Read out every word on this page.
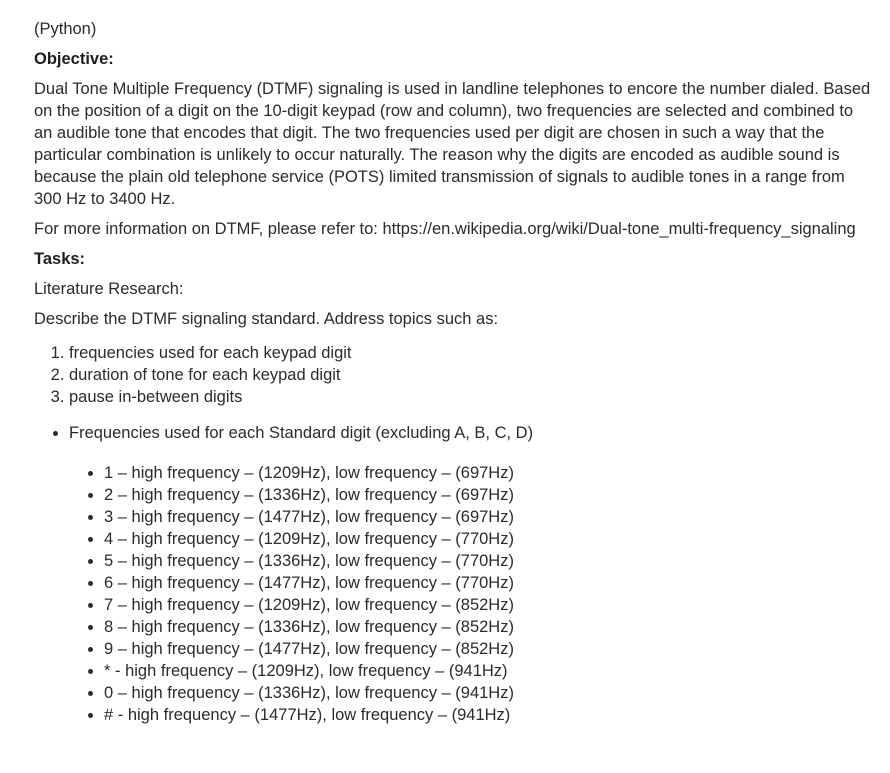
(Python)

Objective:

Dual Tone Multiple Frequency (DTMF) signaling is used in landline telephones to encore the number dialed. Based on the position of a digit on the 10-digit keypad (row and column), two frequencies are selected and combined to an audible tone that encodes that digit. The two frequencies used per digit are chosen in such a way that the particular combination is unlikely to occur naturally. The reason why the digits are encoded as audible sound is because the plain old telephone service (POTS) limited transmission of signals to audible tones in a range from 300 Hz to 3400 Hz.

For more information on DTMF, please refer to: https://en.wikipedia.org/wiki/Dual-tone_multi-frequency_signaling

Tasks:

Literature Research:

Describe the DTMF signaling standard. Address topics such as:

1. frequencies used for each keypad digit
2. duration of tone for each keypad digit
3. pause in-between digits
• Frequencies used for each Standard digit (excluding A, B, C, D)
• 1 – high frequency – (1209Hz), low frequency – (697Hz)
• 2 – high frequency – (1336Hz), low frequency – (697Hz)
• 3 – high frequency – (1477Hz), low frequency – (697Hz)
• 4 – high frequency – (1209Hz), low frequency – (770Hz)
• 5 – high frequency – (1336Hz), low frequency – (770Hz)
• 6 – high frequency – (1477Hz), low frequency – (770Hz)
• 7 – high frequency – (1209Hz), low frequency – (852Hz)
• 8 – high frequency – (1336Hz), low frequency – (852Hz)
• 9 – high frequency – (1477Hz), low frequency – (852Hz)
• * - high frequency – (1209Hz), low frequency – (941Hz)
• 0 – high frequency – (1336Hz), low frequency – (941Hz)
• # - high frequency – (1477Hz), low frequency – (941Hz)
